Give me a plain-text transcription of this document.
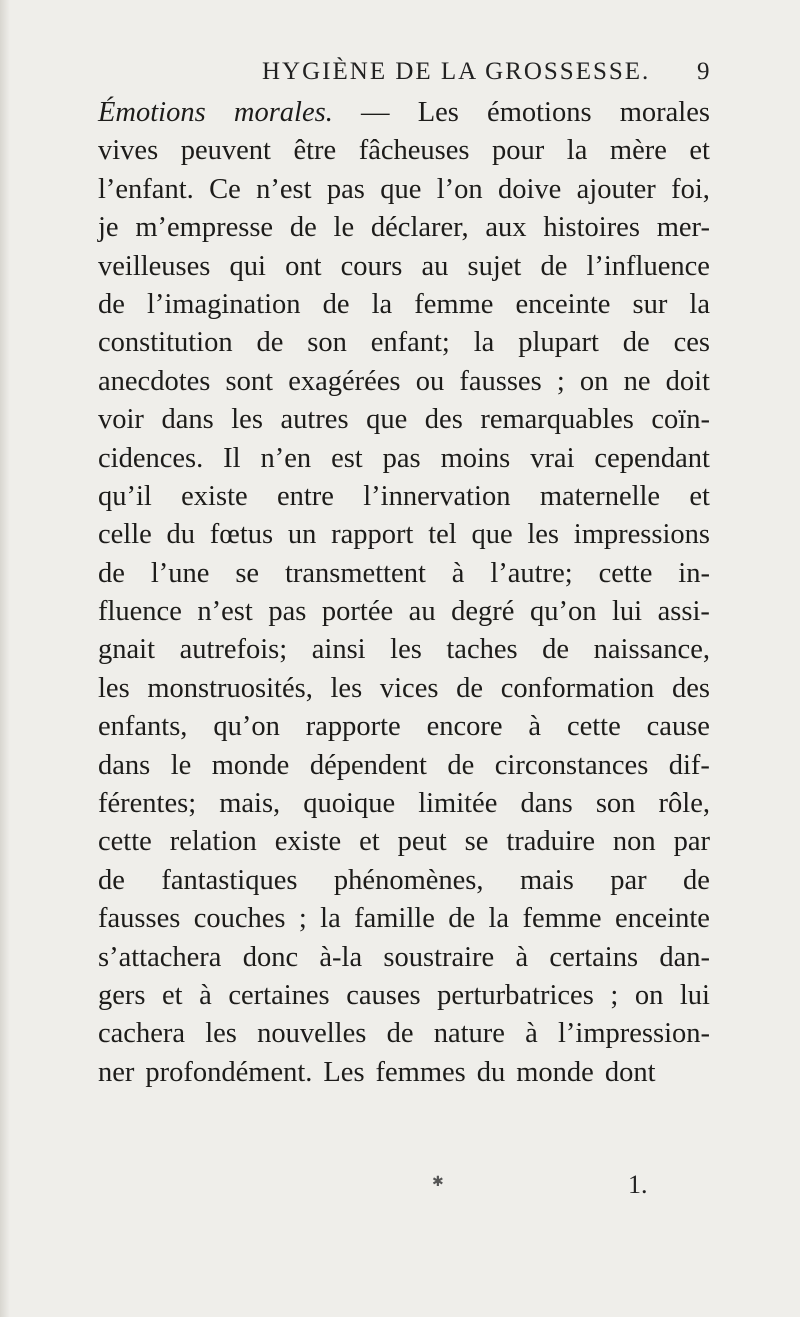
HYGIÈNE DE LA GROSSESSE. 9
Émotions morales. — Les émotions morales
vives peuvent être fâcheuses pour la mère et
l’enfant. Ce n’est pas que l’on doive ajouter foi,
je m’empresse de le déclarer, aux histoires mer-
veilleuses qui ont cours au sujet de l’influence
de l’imagination de la femme enceinte sur la
constitution de son enfant; la plupart de ces
anecdotes sont exagérées ou fausses ; on ne doit
voir dans les autres que des remarquables coïn-
cidences. Il n’en est pas moins vrai cependant
qu’il existe entre l’innervation maternelle et
celle du fœtus un rapport tel que les impressions
de l’une se transmettent à l’autre; cette in-
fluence n’est pas portée au degré qu’on lui assi-
gnait autrefois; ainsi les taches de naissance,
les monstruosités, les vices de conformation des
enfants, qu’on rapporte encore à cette cause
dans le monde dépendent de circonstances dif-
férentes; mais, quoique limitée dans son rôle,
cette relation existe et peut se traduire non par
de fantastiques phénomènes, mais par de
fausses couches ; la famille de la femme enceinte
s’attachera donc à-la soustraire à certains dan-
gers et à certaines causes perturbatrices ; on lui
cachera les nouvelles de nature à l’impression-
ner profondément. Les femmes du monde dont
✱	1.
